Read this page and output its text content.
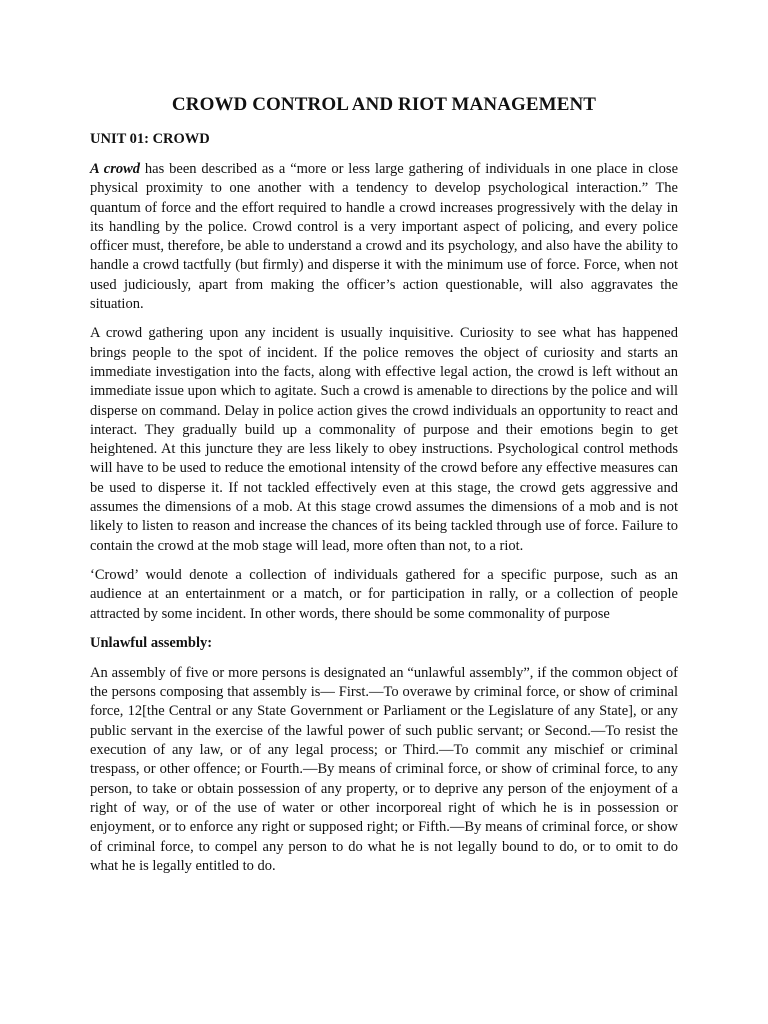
CROWD CONTROL AND RIOT MANAGEMENT
UNIT 01: CROWD
A crowd has been described as a “more or less large gathering of individuals in one place in close physical proximity to one another with a tendency to develop psychological interaction.” The quantum of force and the effort required to handle a crowd increases progressively with the delay in its handling by the police. Crowd control is a very important aspect of policing, and every police officer must, therefore, be able to understand a crowd and its psychology, and also have the ability to handle a crowd tactfully (but firmly) and disperse it with the minimum use of force. Force, when not used judiciously, apart from making the officer’s action questionable, will also aggravates the situation.
A crowd gathering upon any incident is usually inquisitive. Curiosity to see what has happened brings people to the spot of incident. If the police removes the object of curiosity and starts an immediate investigation into the facts, along with effective legal action, the crowd is left without an immediate issue upon which to agitate. Such a crowd is amenable to directions by the police and will disperse on command. Delay in police action gives the crowd individuals an opportunity to react and interact. They gradually build up a commonality of purpose and their emotions begin to get heightened. At this juncture they are less likely to obey instructions. Psychological control methods will have to be used to reduce the emotional intensity of the crowd before any effective measures can be used to disperse it. If not tackled effectively even at this stage, the crowd gets aggressive and assumes the dimensions of a mob. At this stage crowd assumes the dimensions of a mob and is not likely to listen to reason and increase the chances of its being tackled through use of force. Failure to contain the crowd at the mob stage will lead, more often than not, to a riot.
‘Crowd’ would denote a collection of individuals gathered for a specific purpose, such as an audience at an entertainment or a match, or for participation in rally, or a collection of people attracted by some incident. In other words, there should be some commonality of purpose
Unlawful assembly:
An assembly of five or more persons is designated an “unlawful assembly”, if the common object of the persons composing that assembly is— First.—To overawe by criminal force, or show of criminal force, 12[the Central or any State Government or Parliament or the Legislature of any State], or any public servant in the exercise of the lawful power of such public servant; or Second.—To resist the execution of any law, or of any legal process; or Third.—To commit any mischief or criminal trespass, or other offence; or Fourth.—By means of criminal force, or show of criminal force, to any person, to take or obtain possession of any property, or to deprive any person of the enjoyment of a right of way, or of the use of water or other incorporeal right of which he is in possession or enjoyment, or to enforce any right or supposed right; or Fifth.—By means of criminal force, or show of criminal force, to compel any person to do what he is not legally bound to do, or to omit to do what he is legally entitled to do.
